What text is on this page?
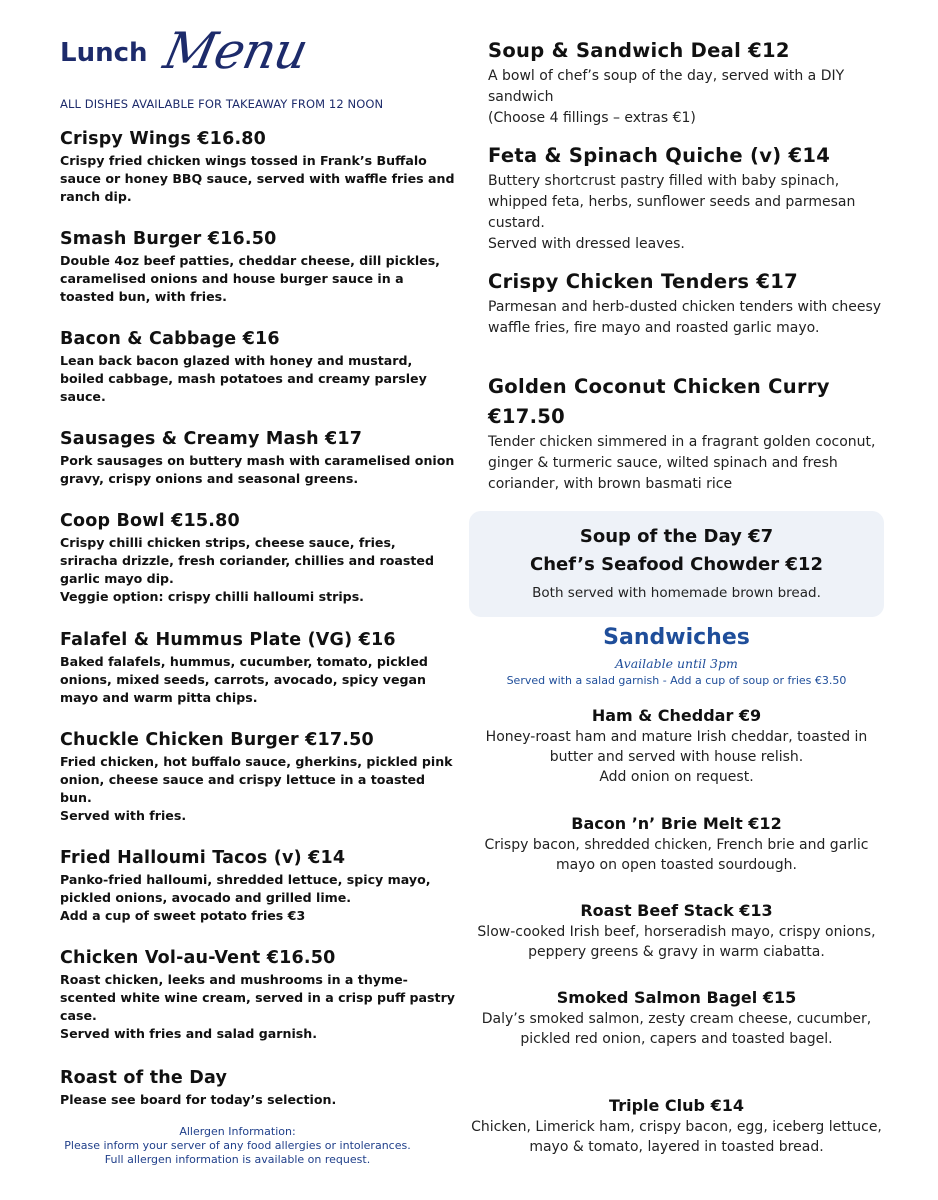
Lunch Menu
ALL DISHES AVAILABLE FOR TAKEAWAY FROM 12 NOON
Crispy Wings €16.80
Crispy fried chicken wings tossed in Frank’s Buffalo sauce or honey BBQ sauce, served with waffle fries and ranch dip.
Smash Burger €16.50
Double 4oz beef patties, cheddar cheese, dill pickles, caramelised onions and house burger sauce in a toasted bun, with fries.
Bacon & Cabbage €16
Lean back bacon glazed with honey and mustard, boiled cabbage, mash potatoes and creamy parsley sauce.
Sausages & Creamy Mash €17
Pork sausages on buttery mash with caramelised onion gravy, crispy onions and seasonal greens.
Coop Bowl €15.80
Crispy chilli chicken strips, cheese sauce, fries, sriracha drizzle, fresh coriander, chillies and roasted garlic mayo dip.
Veggie option: crispy chilli halloumi strips.
Falafel & Hummus Plate (VG) €16
Baked falafels, hummus, cucumber, tomato, pickled onions, mixed seeds, carrots, avocado, spicy vegan mayo and warm pitta chips.
Chuckle Chicken Burger €17.50
Fried chicken, hot buffalo sauce, gherkins, pickled pink onion, cheese sauce and crispy lettuce in a toasted bun.
Served with fries.
Fried Halloumi Tacos (v) €14
Panko-fried halloumi, shredded lettuce, spicy mayo, pickled onions, avocado and grilled lime.
Add a cup of sweet potato fries €3
Chicken Vol-au-Vent €16.50
Roast chicken, leeks and mushrooms in a thyme-scented white wine cream, served in a crisp puff pastry case.
Served with fries and salad garnish.
Roast of the Day
Please see board for today’s selection.
Soup & Sandwich Deal €12
A bowl of chef’s soup of the day, served with a DIY sandwich
(Choose 4 fillings – extras €1)
Feta & Spinach Quiche (v) €14
Buttery shortcrust pastry filled with baby spinach, whipped feta, herbs, sunflower seeds and parmesan custard.
Served with dressed leaves.
Crispy Chicken Tenders €17
Parmesan and herb-dusted chicken tenders with cheesy waffle fries, fire mayo and roasted garlic mayo.
Golden Coconut Chicken Curry €17.50
Tender chicken simmered in a fragrant golden coconut, ginger & turmeric sauce, wilted spinach and fresh coriander, with brown basmati rice
Soup of the Day €7
Chef’s Seafood Chowder €12
Both served with homemade brown bread.
Sandwiches
Available until 3pm
Served with a salad garnish - Add a cup of soup or fries €3.50
Ham & Cheddar €9
Honey-roast ham and mature Irish cheddar, toasted in butter and served with house relish.
Add onion on request.
Bacon ’n’ Brie Melt €12
Crispy bacon, shredded chicken, French brie and garlic mayo on open toasted sourdough.
Roast Beef Stack €13
Slow-cooked Irish beef, horseradish mayo, crispy onions, peppery greens & gravy in warm ciabatta.
Smoked Salmon Bagel €15
Daly’s smoked salmon, zesty cream cheese, cucumber, pickled red onion, capers and toasted bagel.
Triple Club €14
Chicken, Limerick ham, crispy bacon, egg, iceberg lettuce, mayo & tomato, layered in toasted bread.
Allergen Information:
Please inform your server of any food allergies or intolerances.
Full allergen information is available on request.
